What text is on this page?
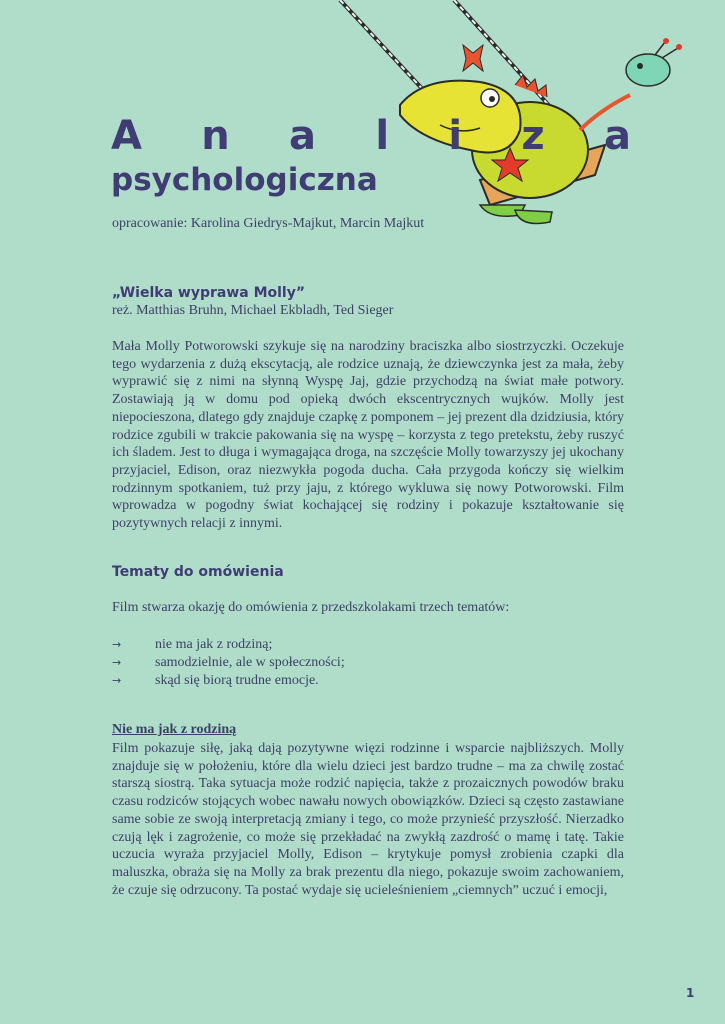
A n a l i z a
psychologiczna

opracowanie: Karolina Giedrys-Majkut, Marcin Majkut

„Wielka wyprawa Molly”

reż. Matthias Bruhn, Michael Ekbladh, Ted Sieger

Mała Molly Potworowski szykuje się na narodziny braciszka albo siostrzyczki. Oczekuje tego wydarzenia z dużą ekscytacją, ale rodzice uznają, że dziewczynka jest za mała, żeby wyprawić się z nimi na słynną Wyspę Jaj, gdzie przychodzą na świat małe potwory. Zostawiają ją w domu pod opieką dwóch ekscentrycznych wujków. Molly jest niepocieszona, dlatego gdy znajduje czapkę z pomponem – jej prezent dla dzidziusia, który rodzice zgubili w trakcie pakowania się na wyspę – korzysta z tego pretekstu, żeby ruszyć ich śladem. Jest to długa i wymagająca droga, na szczęście Molly towarzyszy jej ukochany przyjaciel, Edison, oraz niezwykła pogoda ducha. Cała przygoda kończy się wielkim rodzinnym spotkaniem, tuż przy jaju, z którego wykluwa się nowy Potworowski. Film wprowadza w pogodny świat kochającej się rodziny i pokazuje kształtowanie się pozytywnych relacji z innymi.

Tematy do omówienia

Film stwarza okazję do omówienia z przedszkolakami trzech tematów:

→	nie ma jak z rodziną;
→	samodzielnie, ale w społeczności;
→	skąd się biorą trudne emocje.
Nie ma jak z rodziną

Film pokazuje siłę, jaką dają pozytywne więzi rodzinne i wsparcie najbliższych. Molly znajduje się w położeniu, które dla wielu dzieci jest bardzo trudne – ma za chwilę zostać starszą siostrą. Taka sytuacja może rodzić napięcia, także z prozaicznych powodów braku czasu rodziców stojących wobec nawału nowych obowiązków. Dzieci są często zastawiane same sobie ze swoją interpretacją zmiany i tego, co może przynieść przyszłość. Nierzadko czują lęk i zagrożenie, co może się przekładać na zwykłą zazdrość o mamę i tatę. Takie uczucia wyraża przyjaciel Molly, Edison – krytykuje pomysł zrobienia czapki dla maluszka, obraża się na Molly za brak prezentu dla niego, pokazuje swoim zachowaniem, że czuje się odrzucony. Ta postać wydaje się ucieleśnieniem „ciemnych” uczuć i emocji,

1
